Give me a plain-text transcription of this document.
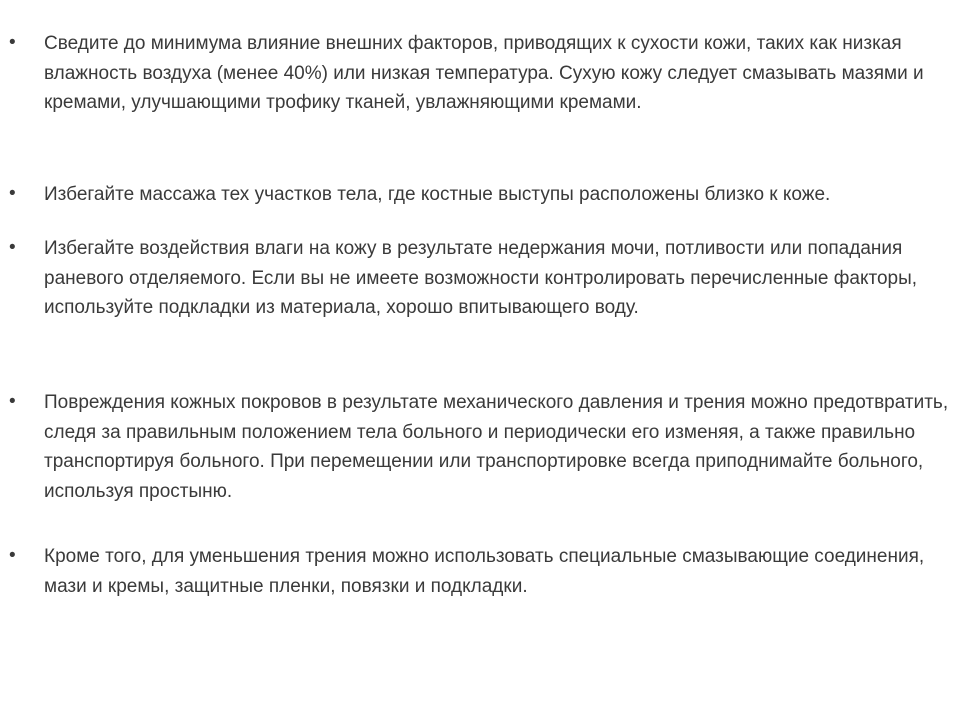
• Сведите до минимума влияние внешних факторов, приводящих к сухости кожи, таких как низкая влажность воздуха (менее 40%) или низкая температура. Сухую кожу следует смазывать мазями и кремами, улучшающими трофику тканей, увлажняющими кремами.

• Избегайте массажа тех участков тела, где костные выступы расположены близко к коже.

• Избегайте воздействия влаги на кожу в результате недержания мочи, потливости или попадания раневого отделяемого. Если вы не имеете возможности контролировать перечисленные факторы, используйте подкладки из материала, хорошо впитывающего воду.

• Повреждения кожных покровов в результате механического давления и трения можно предотвратить, следя за правильным положением тела больного и периодически его изменяя, а также правильно транспортируя больного. При перемещении или транспортировке всегда приподнимайте больного, используя простыню.

• Кроме того, для уменьшения трения можно использовать специальные смазывающие соединения, мази и кремы, защитные пленки, повязки и подкладки.
